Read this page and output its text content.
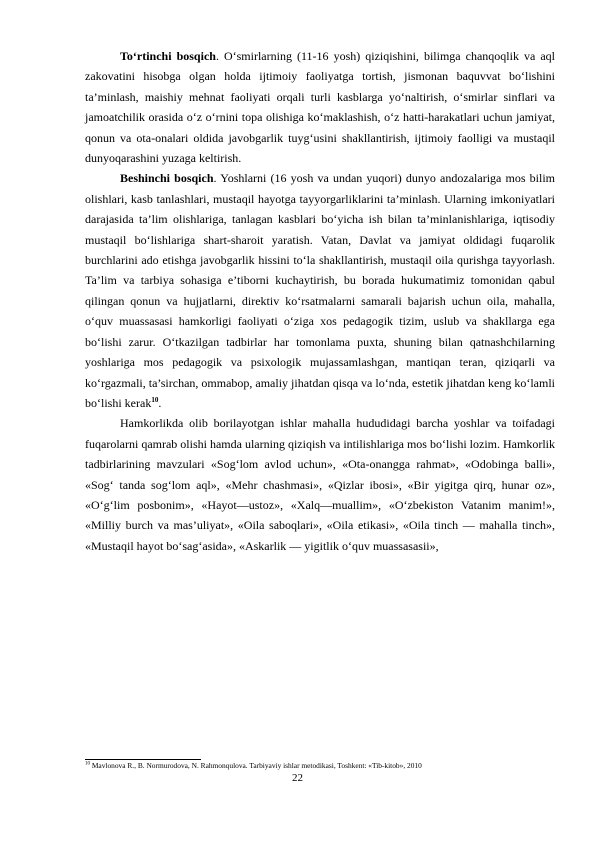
To‘rtinchi bosqich. O‘smirlarning (11-16 yosh) qiziqishini, bilimga chanqoqlik va aql zakovatini hisobga olgan holda ijtimoiy faoliyatga tortish, jismonan baquvvat bo‘lishini ta’minlash, maishiy mehnat faoliyati orqali turli kasblarga yo‘naltirish, o‘smirlar sinflari va jamoatchilik orasida o‘z o‘rnini topa olishiga ko‘maklashish, o‘z hatti-harakatlari uchun jamiyat, qonun va ota-onalari oldida javobgarlik tuyg‘usini shakllantirish, ijtimoiy faolligi va mustaqil dunyoqarashini yuzaga keltirish.

Beshinchi bosqich. Yoshlarni (16 yosh va undan yuqori) dunyo andozalariga mos bilim olishlari, kasb tanlashlari, mustaqil hayotga tayyorgarliklarini ta’minlash. Ularning imkoniyatlari darajasida ta’lim olishlariga, tanlagan kasblari bo‘yicha ish bilan ta’minlanishlariga, iqtisodiy mustaqil bo‘lishlariga shart-sharoit yaratish. Vatan, Davlat va jamiyat oldidagi fuqarolik burchlarini ado etishga javobgarlik hissini to‘la shakllantirish, mustaqil oila qurishga tayyorlash. Ta’lim va tarbiya sohasiga e’tiborni kuchaytirish, bu borada hukumatimiz tomonidan qabul qilingan qonun va hujjatlarni, direktiv ko‘rsatmalarni samarali bajarish uchun oila, mahalla, o‘quv muassasasi hamkorligi faoliyati o‘ziga xos pedagogik tizim, uslub va shakllarga ega bo‘lishi zarur. O‘tkazilgan tadbirlar har tomonlama puxta, shuning bilan qatnashchilarning yoshlariga mos pedagogik va psixologik mujassamlashgan, mantiqan teran, qiziqarli va ko‘rgazmali, ta’sirchan, ommabop, amaliy jihatdan qisqa va lo‘nda, estetik jihatdan keng ko‘lamli bo‘lishi kerak$^{10}$.

Hamkorlikda olib borilayotgan ishlar mahalla hududidagi barcha yoshlar va toifadagi fuqarolarni qamrab olishi hamda ularning qiziqish va intilishlariga mos bo‘lishi lozim. Hamkorlik tadbirlarining mavzulari «Sog‘lom avlod uchun», «Ota-onangga rahmat», «Odobinga balli», «Sog‘ tanda sog‘lom aql», «Mehr chashmasi», «Qizlar ibosi», «Bir yigitga qirq, hunar oz», «O‘g‘lim posbonim», «Hayot—ustoz», «Xalq—muallim», «O‘zbekiston Vatanim manim!», «Milliy burch va mas’uliyat», «Oila saboqlari», «Oila etikasi», «Oila tinch — mahalla tinch», «Mustaqil hayot bo‘sag‘asida», «Askarlik — yigitlik o‘quv muassasasii»,

$^{10}$ Mavlonova R., B. Normurodova, N. Rahmonqulova. Tarbiyaviy ishlar metodikasi, Toshkent: «Tib-kitob», 2010
22
